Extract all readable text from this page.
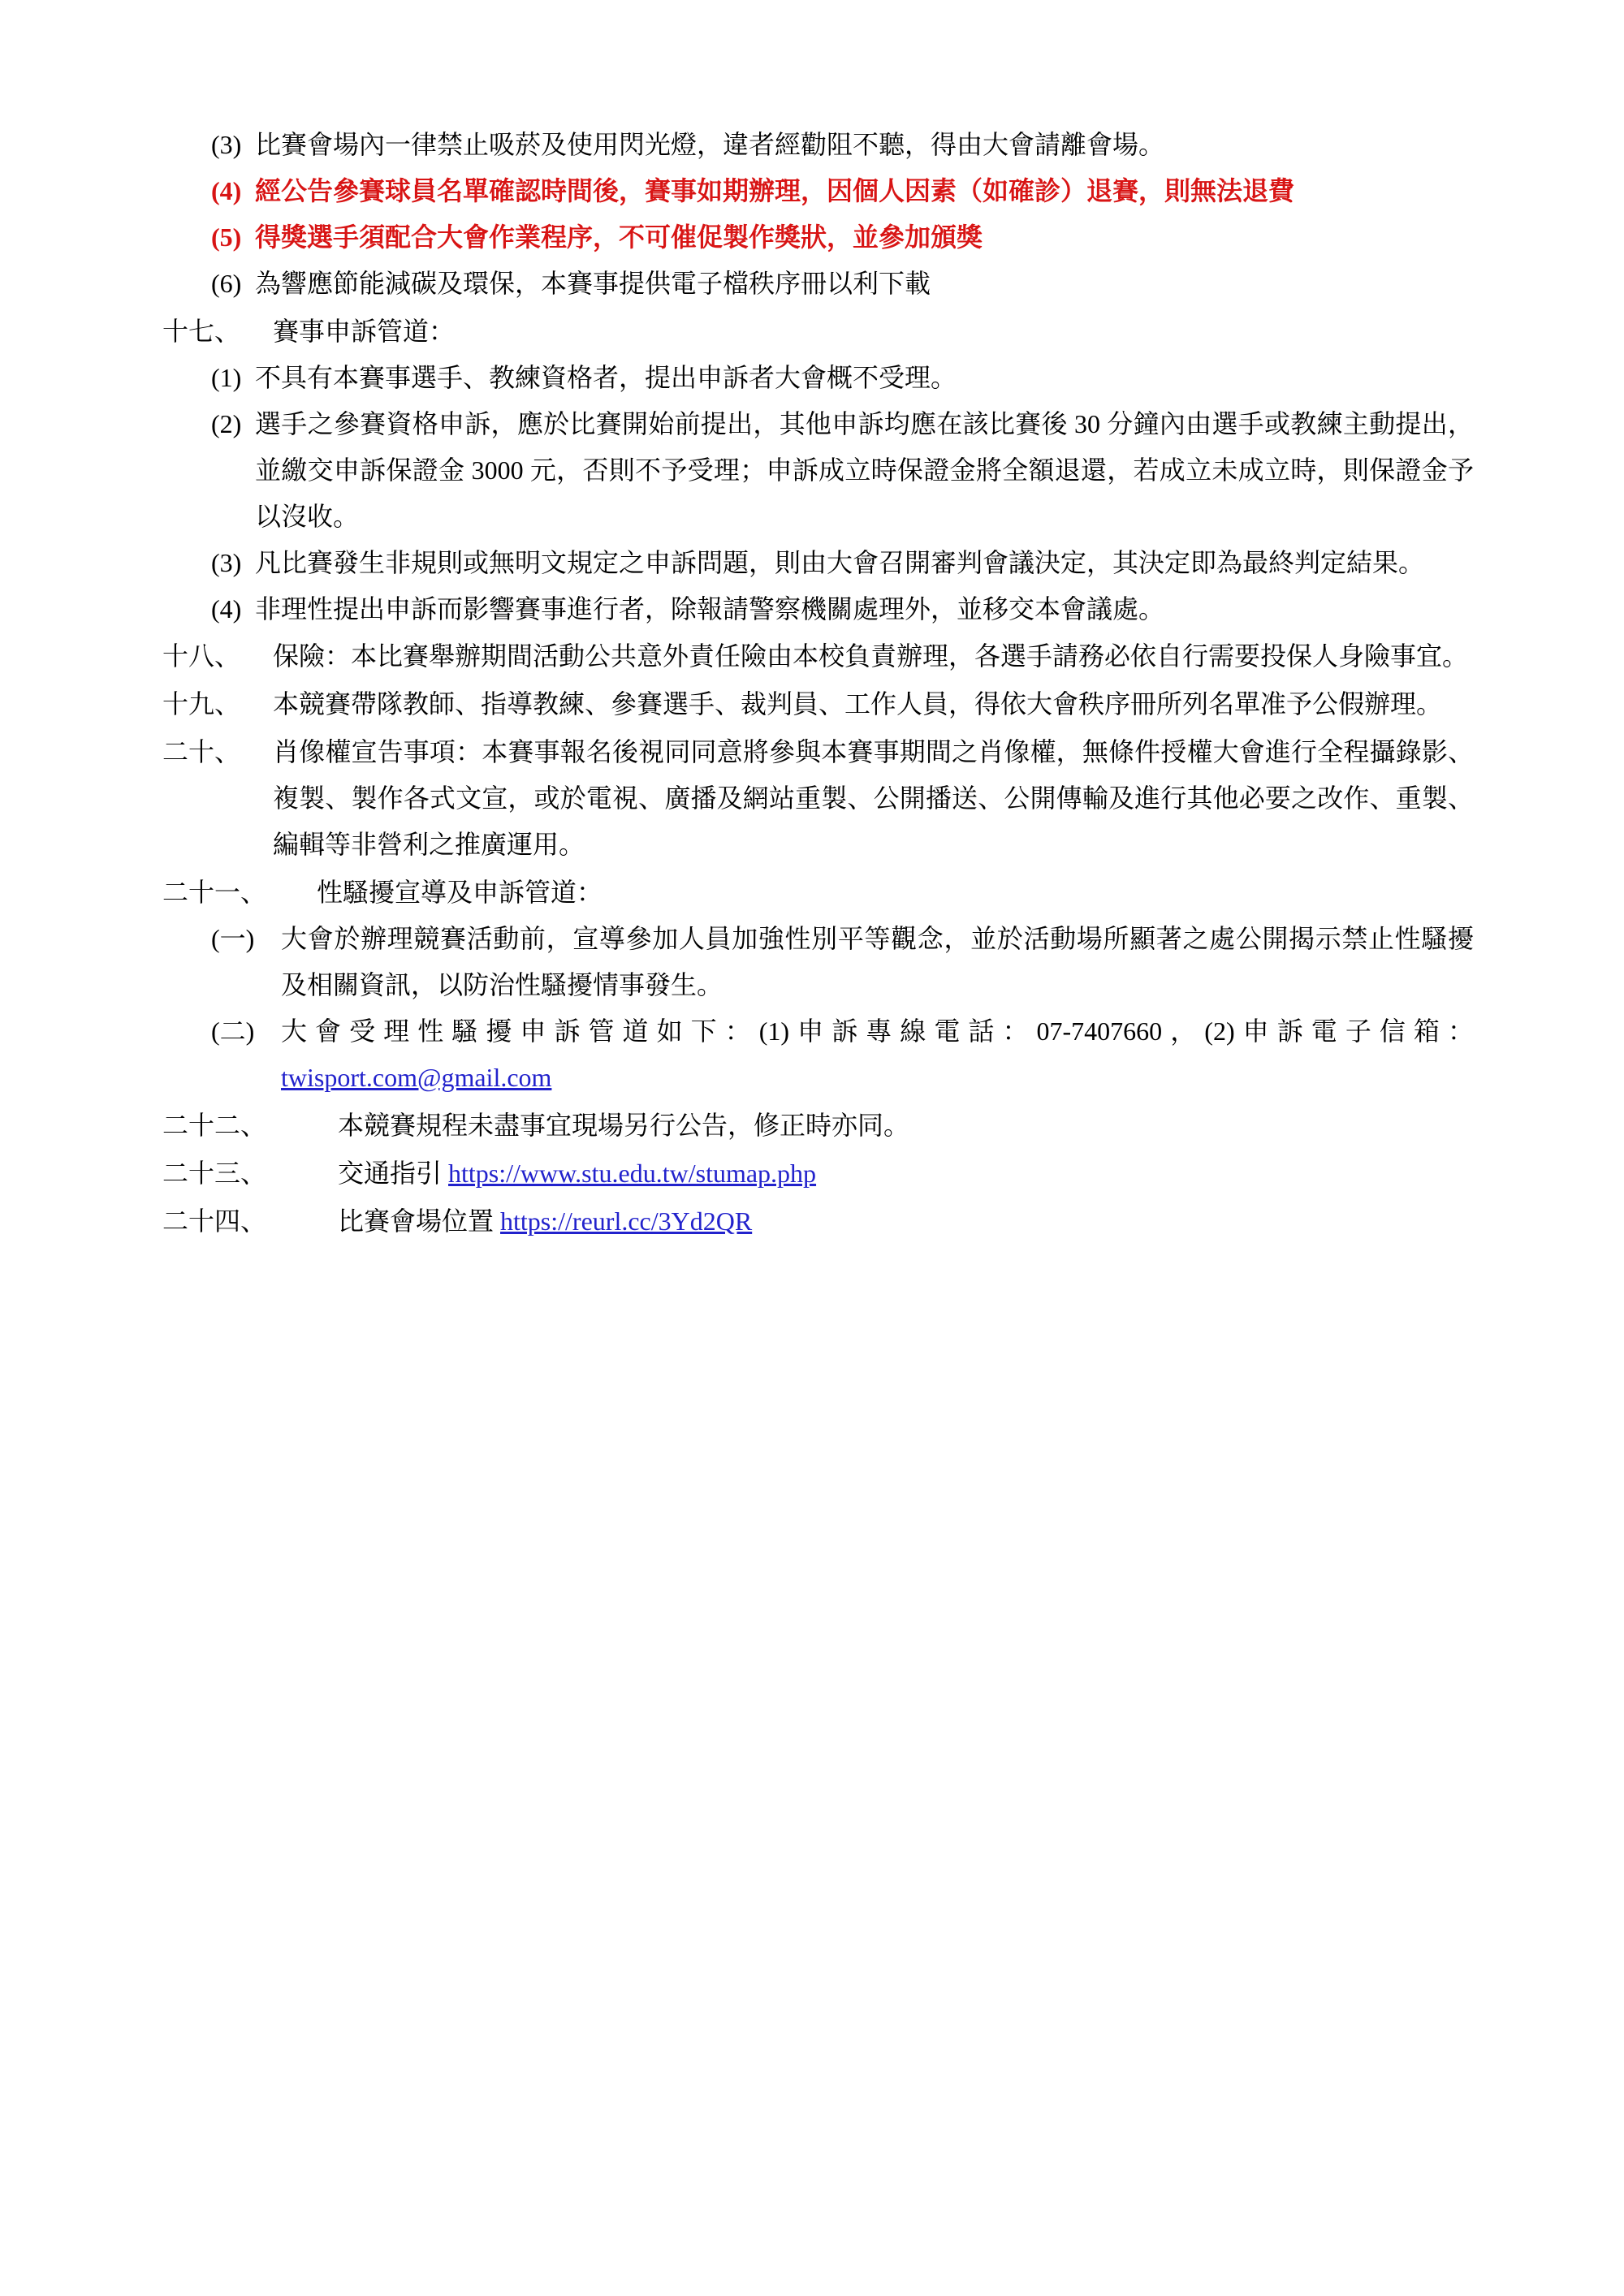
(3) 比賽會場內一律禁止吸菸及使用閃光燈，違者經勸阻不聽，得由大會請離會場。
(4) 經公告參賽球員名單確認時間後，賽事如期辦理，因個人因素（如確診）退賽，則無法退費
(5) 得獎選手須配合大會作業程序，不可催促製作獎狀，並參加頒獎
(6) 為響應節能減碳及環保，本賽事提供電子檔秩序冊以利下載
十七、	賽事申訴管道：
(1) 不具有本賽事選手、教練資格者，提出申訴者大會概不受理。
(2) 選手之參賽資格申訴，應於比賽開始前提出，其他申訴均應在該比賽後 30 分鐘內由選手或教練主動提出，並繳交申訴保證金 3000 元，否則不予受理；申訴成立時保證金將全額退還，若成立未成立時，則保證金予以沒收。
(3) 凡比賽發生非規則或無明文規定之申訴問題，則由大會召開審判會議決定，其決定即為最終判定結果。
(4) 非理性提出申訴而影響賽事進行者，除報請警察機關處理外，並移交本會議處。
十八、	保險：本比賽舉辦期間活動公共意外責任險由本校負責辦理，各選手請務必依自行需要投保人身險事宜。
十九、	本競賽帶隊教師、指導教練、參賽選手、裁判員、工作人員，得依大會秩序冊所列名單准予公假辦理。
二十、	肖像權宣告事項：本賽事報名後視同同意將參與本賽事期間之肖像權，無條件授權大會進行全程攝錄影、複製、製作各式文宣，或於電視、廣播及網站重製、公開播送、公開傳輸及進行其他必要之改作、重製、編輯等非營利之推廣運用。
二十一、	性騷擾宣導及申訴管道：
(一)	大會於辦理競賽活動前，宣導參加人員加強性別平等觀念，並於活動場所顯著之處公開揭示禁止性騷擾及相關資訊，以防治性騷擾情事發生。
(二)	大會受理性騷擾申訴管道如下：(1)申訴專線電話：07-7407660，(2)申訴電子信箱：twisport.com@gmail.com
二十二、	本競賽規程未盡事宜現場另行公告，修正時亦同。
二十三、	交通指引 https://www.stu.edu.tw/stumap.php
二十四、	比賽會場位置 https://reurl.cc/3Yd2QR
